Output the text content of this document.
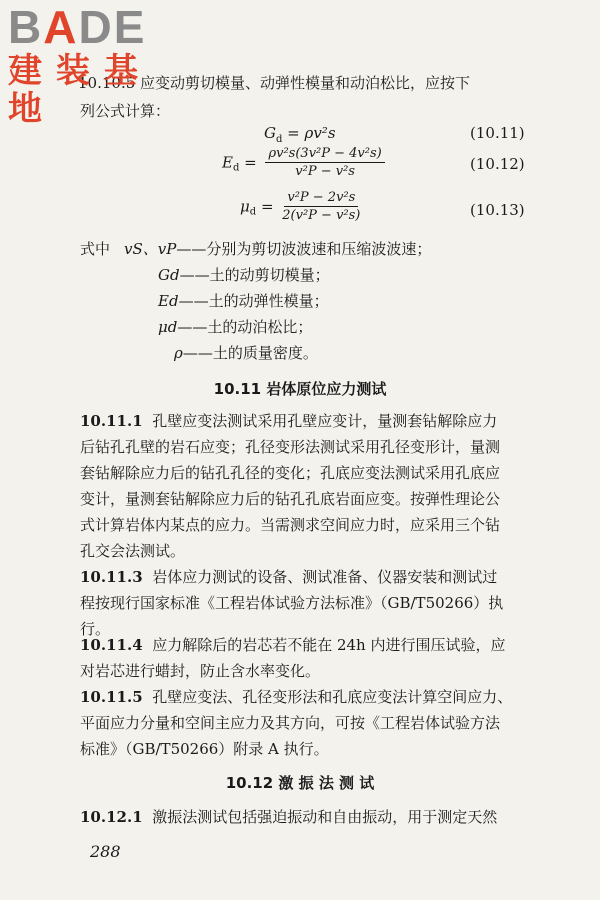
10.10.5 应变动剪切模量、动弹性模量和动泊松比，应按下
列公式计算：
$G_d = \rho v^2s$	(10.11)
$E_d = \frac{\text{ρv²s(3v²P − 4v²s)}}{\text{v²P − v²s}}$	(10.12)
$\mu_d = \frac{\text{v²P − 2v²s}}{\text{2(v²P − v²s)}}$	(10.13)
式中 vS、vP——分别为剪切波波速和压缩波波速；
Gd——土的动剪切模量；
Ed——土的动弹性模量；
μd——土的动泊松比；
ρ——土的质量密度。
10.11 岩体原位应力测试
10.11.1 孔壁应变法测试采用孔壁应变计，量测套钻解除应力
后钻孔孔壁的岩石应变；孔径变形法测试采用孔径变形计，量测
套钻解除应力后的钻孔孔径的变化；孔底应变法测试采用孔底应
变计，量测套钻解除应力后的钻孔孔底岩面应变。按弹性理论公
式计算岩体内某点的应力。当需测求空间应力时，应采用三个钻
孔交会法测试。
10.11.3 岩体应力测试的设备、测试准备、仪器安装和测试过
程按现行国家标准《工程岩体试验方法标准》（GB/T50266）执
行。
10.11.4 应力解除后的岩芯若不能在 24h 内进行围压试验，应
对岩芯进行蜡封，防止含水率变化。
10.11.5 孔壁应变法、孔径变形法和孔底应变法计算空间应力、
平面应力分量和空间主应力及其方向，可按《工程岩体试验方法
标准》（GB/T50266）附录 A 执行。
10.12 激 振 法 测 试
10.12.1 激振法测试包括强迫振动和自由振动，用于测定天然
288
BADE
建装基地
